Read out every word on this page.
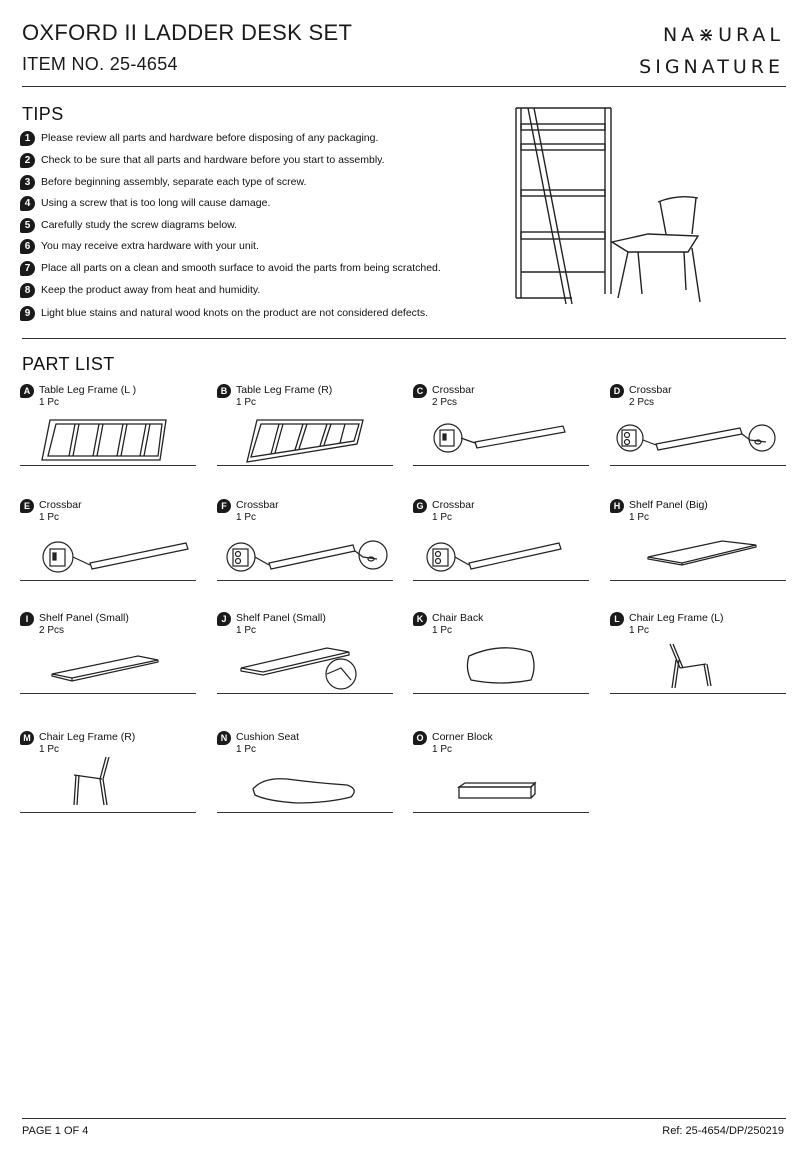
OXFORD II LADDER DESK SET
ITEM NO. 25-4654
NA⋇URAL
SIGNATURE
TIPS
1	Please review all parts and hardware before disposing of any packaging.
2	Check to be sure that all parts and hardware before you start to assembly.
3	Before beginning assembly, separate each type of screw.
4	Using a screw that is too long will cause damage.
5	Carefully study the screw diagrams below.
6	You may receive extra hardware with your unit.
7	Place all parts on a clean and smooth surface to avoid the parts from being scratched.
8	Keep the product away from heat and humidity.
9	Light blue stains and natural wood knots on the product are not considered defects.
PART LIST
A Table Leg Frame (L )
1 Pc
B Table Leg Frame (R)
1 Pc
C Crossbar
2 Pcs
D Crossbar
2 Pcs
E Crossbar
1 Pc
F Crossbar
1 Pc
G Crossbar
1 Pc
H Shelf Panel (Big)
1 Pc
I	Shelf Panel (Small)
2 Pcs
J Shelf Panel (Small)
1 Pc
K Chair Back
1 Pc
L Chair Leg Frame (L)
1 Pc
M Chair Leg Frame (R)
1 Pc
N Cushion Seat
1 Pc
O Corner Block
1 Pc
PAGE 1 OF 4	Ref: 25-4654/DP/250219
